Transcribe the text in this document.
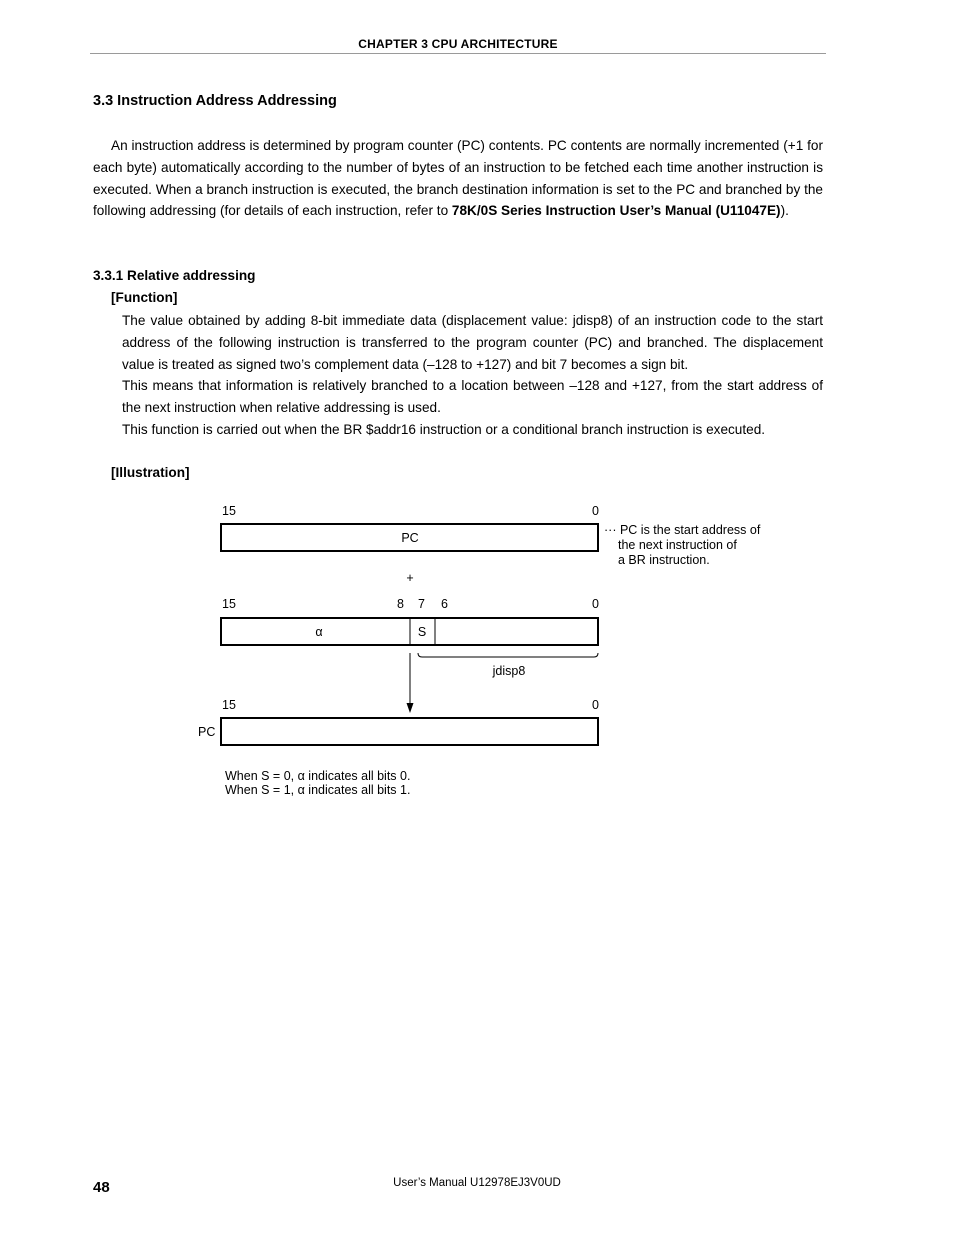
CHAPTER 3 CPU ARCHITECTURE
3.3 Instruction Address Addressing
An instruction address is determined by program counter (PC) contents. PC contents are normally incremented (+1 for each byte) automatically according to the number of bytes of an instruction to be fetched each time another instruction is executed. When a branch instruction is executed, the branch destination information is set to the PC and branched by the following addressing (for details of each instruction, refer to 78K/0S Series Instruction User’s Manual (U11047E)).
3.3.1 Relative addressing
[Function]

The value obtained by adding 8-bit immediate data (displacement value: jdisp8) of an instruction code to the start address of the following instruction is transferred to the program counter (PC) and branched. The displacement value is treated as signed two’s complement data (–128 to +127) and bit 7 becomes a sign bit.

This means that information is relatively branched to a location between –128 and +127, from the start address of the next instruction when relative addressing is used.

This function is carried out when the BR $addr16 instruction or a conditional branch instruction is executed.

[Illustration]
15	0
PC
··· PC is the start address of
the next instruction of
a BR instruction.
+
15	8 7 6	0
α	S
jdisp8
15	0
PC
When S = 0, α indicates all bits 0.
When S = 1, α indicates all bits 1.
48	User’s Manual U12978EJ3V0UD
